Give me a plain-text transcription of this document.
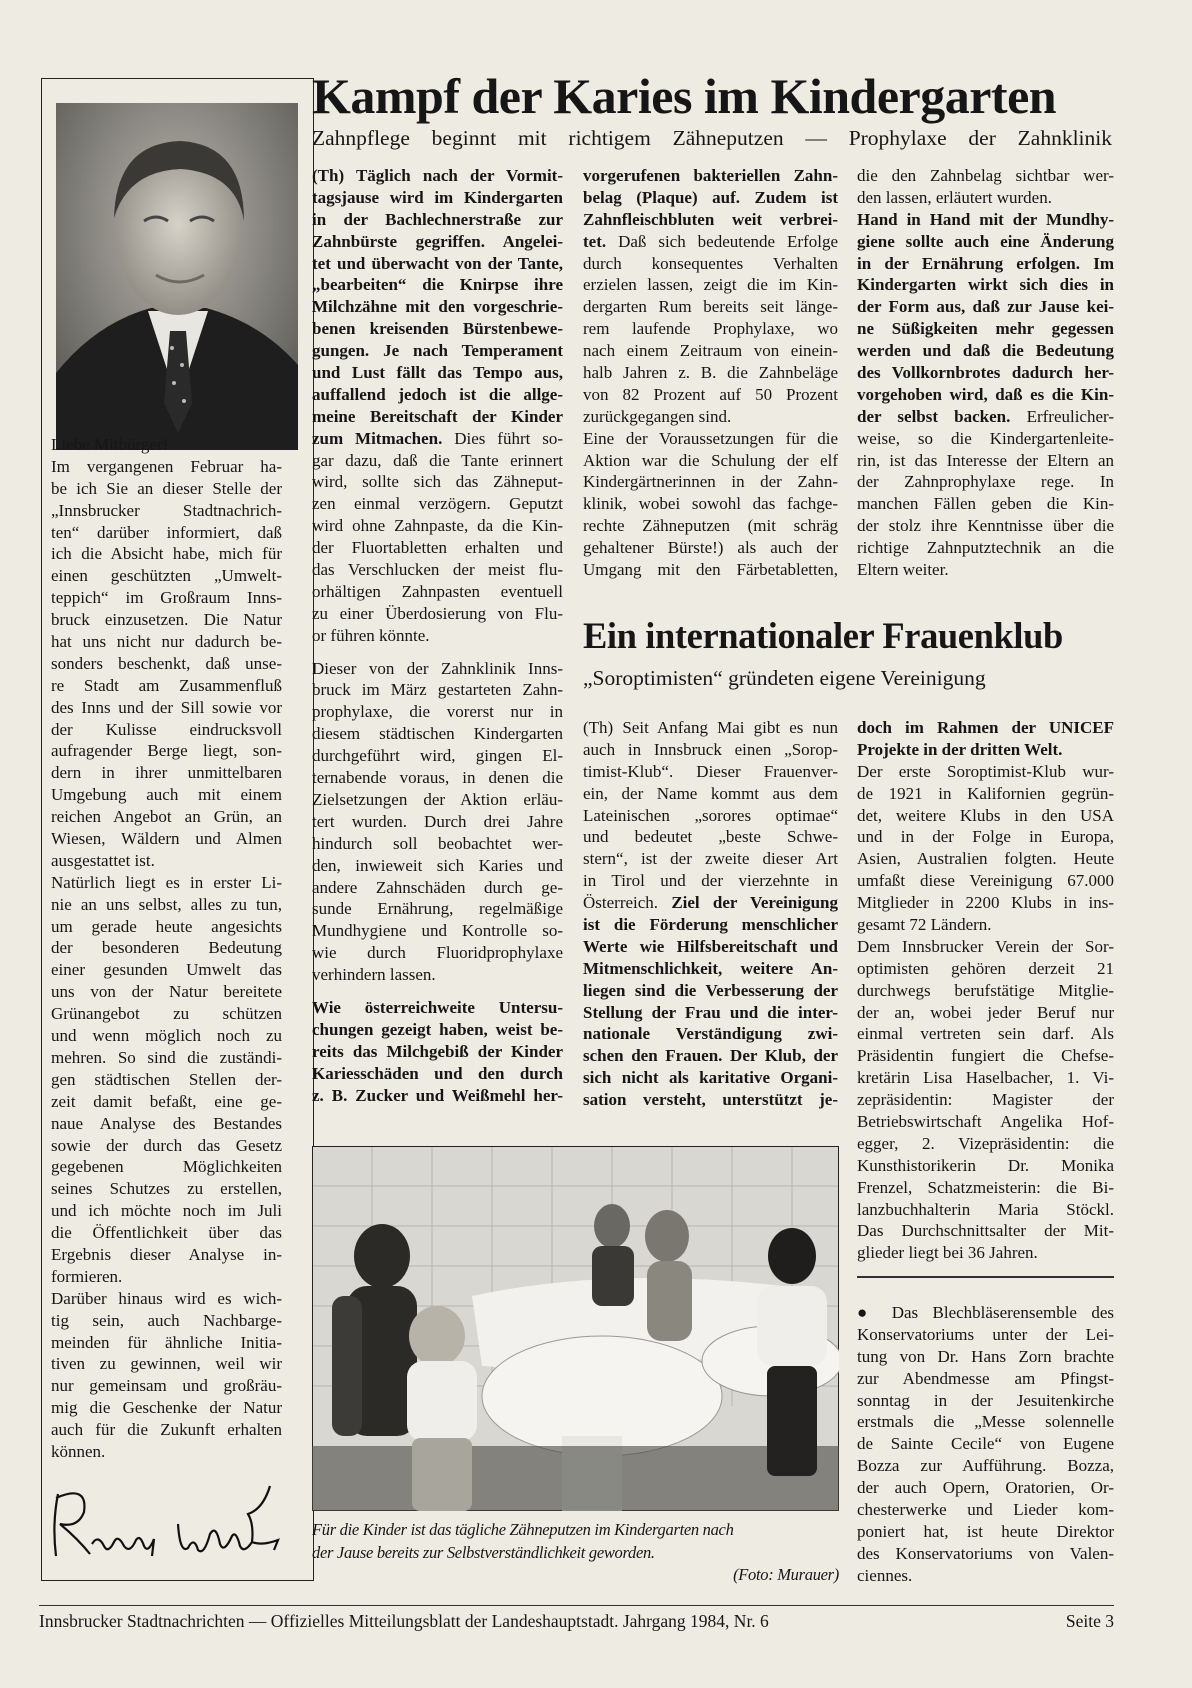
Liebe Mitbürger!
Im vergangenen Februar ha-
be ich Sie an dieser Stelle der
„Innsbrucker Stadtnachrich-
ten“ darüber informiert, daß
ich die Absicht habe, mich für
einen geschützten „Umwelt-
teppich“ im Großraum Inns-
bruck einzusetzen. Die Natur
hat uns nicht nur dadurch be-
sonders beschenkt, daß unse-
re Stadt am Zusammenfluß
des Inns und der Sill sowie vor
der Kulisse eindrucksvoll
aufragender Berge liegt, son-
dern in ihrer unmittelbaren
Umgebung auch mit einem
reichen Angebot an Grün, an
Wiesen, Wäldern und Almen
ausgestattet ist.
Natürlich liegt es in erster Li-
nie an uns selbst, alles zu tun,
um gerade heute angesichts
der besonderen Bedeutung
einer gesunden Umwelt das
uns von der Natur bereitete
Grünangebot zu schützen
und wenn möglich noch zu
mehren. So sind die zuständi-
gen städtischen Stellen der-
zeit damit befaßt, eine ge-
naue Analyse des Bestandes
sowie der durch das Gesetz
gegebenen Möglichkeiten
seines Schutzes zu erstellen,
und ich möchte noch im Juli
die Öffentlichkeit über das
Ergebnis dieser Analyse in-
formieren.
Darüber hinaus wird es wich-
tig sein, auch Nachbarge-
meinden für ähnliche Initia-
tiven zu gewinnen, weil wir
nur gemeinsam und großräu-
mig die Geschenke der Natur
auch für die Zukunft erhalten
können.
Kampf der Karies im Kindergarten
Zahnpflege beginnt mit richtigem Zähneputzen — Prophylaxe der Zahnklinik
(Th) Täglich nach der Vormit-
tagsjause wird im Kindergarten
in der Bachlechnerstraße zur
Zahnbürste gegriffen. Angelei-
tet und überwacht von der Tante,
„bearbeiten“ die Knirpse ihre
Milchzähne mit den vorgeschrie-
benen kreisenden Bürstenbewe-
gungen. Je nach Temperament
und Lust fällt das Tempo aus,
auffallend jedoch ist die allge-
meine Bereitschaft der Kinder
zum Mitmachen. Dies führt so-
gar dazu, daß die Tante erinnert
wird, sollte sich das Zähneput-
zen einmal verzögern. Geputzt
wird ohne Zahnpaste, da die Kin-
der Fluortabletten erhalten und
das Verschlucken der meist flu-
orhältigen Zahnpasten eventuell
zu einer Überdosierung von Flu-
or führen könnte.
Dieser von der Zahnklinik Inns-
bruck im März gestarteten Zahn-
prophylaxe, die vorerst nur in
diesem städtischen Kindergarten
durchgeführt wird, gingen El-
ternabende voraus, in denen die
Zielsetzungen der Aktion erläu-
tert wurden. Durch drei Jahre
hindurch soll beobachtet wer-
den, inwieweit sich Karies und
andere Zahnschäden durch ge-
sunde Ernährung, regelmäßige
Mundhygiene und Kontrolle so-
wie durch Fluoridprophylaxe
verhindern lassen.
Wie österreichweite Untersu-
chungen gezeigt haben, weist be-
reits das Milchgebiß der Kinder
Kariesschäden und den durch
z. B. Zucker und Weißmehl her-
vorgerufenen bakteriellen Zahn-
belag (Plaque) auf. Zudem ist
Zahnfleischbluten weit verbrei-
tet. Daß sich bedeutende Erfolge
durch konsequentes Verhalten
erzielen lassen, zeigt die im Kin-
dergarten Rum bereits seit länge-
rem laufende Prophylaxe, wo
nach einem Zeitraum von einein-
halb Jahren z. B. die Zahnbeläge
von 82 Prozent auf 50 Prozent
zurückgegangen sind.
Eine der Voraussetzungen für die
Aktion war die Schulung der elf
Kindergärtnerinnen in der Zahn-
klinik, wobei sowohl das fachge-
rechte Zähneputzen (mit schräg
gehaltener Bürste!) als auch der
Umgang mit den Färbetabletten,
die den Zahnbelag sichtbar wer-
den lassen, erläutert wurden.
Hand in Hand mit der Mundhy-
giene sollte auch eine Änderung
in der Ernährung erfolgen. Im
Kindergarten wirkt sich dies in
der Form aus, daß zur Jause kei-
ne Süßigkeiten mehr gegessen
werden und daß die Bedeutung
des Vollkornbrotes dadurch her-
vorgehoben wird, daß es die Kin-
der selbst backen. Erfreulicher-
weise, so die Kindergartenleite-
rin, ist das Interesse der Eltern an
der Zahnprophylaxe rege. In
manchen Fällen geben die Kin-
der stolz ihre Kenntnisse über die
richtige Zahnputztechnik an die
Eltern weiter.
Ein internationaler Frauenklub
„Soroptimisten“ gründeten eigene Vereinigung
(Th) Seit Anfang Mai gibt es nun
auch in Innsbruck einen „Sorop-
timist-Klub“. Dieser Frauenver-
ein, der Name kommt aus dem
Lateinischen „sorores optimae“
und bedeutet „beste Schwe-
stern“, ist der zweite dieser Art
in Tirol und der vierzehnte in
Österreich. Ziel der Vereinigung
ist die Förderung menschlicher
Werte wie Hilfsbereitschaft und
Mitmenschlichkeit, weitere An-
liegen sind die Verbesserung der
Stellung der Frau und die inter-
nationale Verständigung zwi-
schen den Frauen. Der Klub, der
sich nicht als karitative Organi-
sation versteht, unterstützt je-
doch im Rahmen der UNICEF
Projekte in der dritten Welt.
Der erste Soroptimist-Klub wur-
de 1921 in Kalifornien gegrün-
det, weitere Klubs in den USA
und in der Folge in Europa,
Asien, Australien folgten. Heute
umfaßt diese Vereinigung 67.000
Mitglieder in 2200 Klubs in ins-
gesamt 72 Ländern.
Dem Innsbrucker Verein der Sor-
optimisten gehören derzeit 21
durchwegs berufstätige Mitglie-
der an, wobei jeder Beruf nur
einmal vertreten sein darf. Als
Präsidentin fungiert die Chefse-
kretärin Lisa Haselbacher, 1. Vi-
zepräsidentin: Magister der
Betriebswirtschaft Angelika Hof-
egger, 2. Vizepräsidentin: die
Kunsthistorikerin Dr. Monika
Frenzel, Schatzmeisterin: die Bi-
lanzbuchhalterin Maria Stöckl.
Das Durchschnittsalter der Mit-
glieder liegt bei 36 Jahren.
Für die Kinder ist das tägliche Zähneputzen im Kindergarten nach
der Jause bereits zur Selbstverständlichkeit geworden.
(Foto: Murauer)
● Das Blechbläserensemble des
Konservatoriums unter der Lei-
tung von Dr. Hans Zorn brachte
zur Abendmesse am Pfingst-
sonntag in der Jesuitenkirche
erstmals die „Messe solennelle
de Sainte Cecile“ von Eugene
Bozza zur Aufführung. Bozza,
der auch Opern, Oratorien, Or-
chesterwerke und Lieder kom-
poniert hat, ist heute Direktor
des Konservatoriums von Valen-
ciennes.
Innsbrucker Stadtnachrichten — Offizielles Mitteilungsblatt der Landeshauptstadt. Jahrgang 1984, Nr. 6	Seite 3
